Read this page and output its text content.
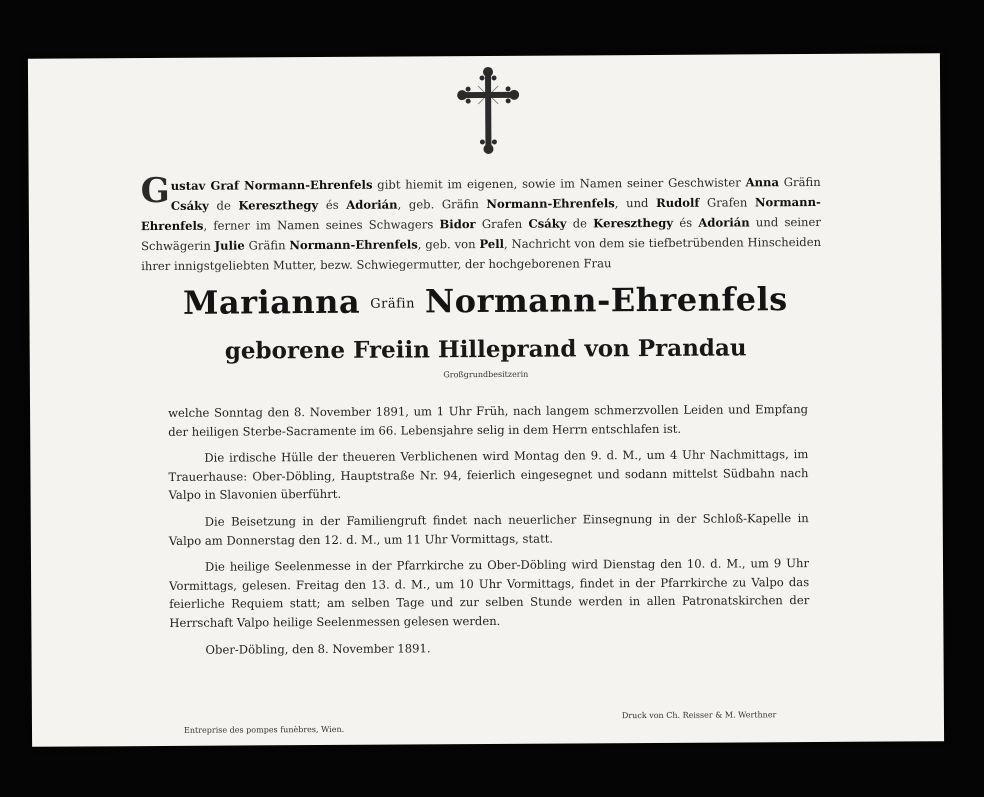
Gustav Graf Normann-Ehrenfels gibt hiemit im eigenen, sowie im Namen seiner Geschwister Anna Gräfin Csáky de Kereszthegy és Adorián, geb. Gräfin Normann-Ehrenfels, und Rudolf Grafen Normann-Ehrenfels, ferner im Namen seines Schwagers Bidor Grafen Csáky de Kereszthegy és Adorián und seiner Schwägerin Julie Gräfin Normann-Ehrenfels, geb. von Pell, Nachricht von dem sie tiefbetrübenden Hinscheiden ihrer innigstgeliebten Mutter, bezw. Schwiegermutter, der hochgeborenen Frau

Marianna Gräfin Normann-Ehrenfels
geborene Freiin Hilleprand von Prandau
Großgrundbesitzerin

welche Sonntag den 8. November 1891, um 1 Uhr Früh, nach langem schmerzvollen Leiden und Empfang der heiligen Sterbe-Sacramente im 66. Lebensjahre selig in dem Herrn entschlafen ist.

Die irdische Hülle der theueren Verblichenen wird Montag den 9. d. M., um 4 Uhr Nachmittags, im Trauerhause: Ober-Döbling, Hauptstraße Nr. 94, feierlich eingesegnet und sodann mittelst Südbahn nach Valpo in Slavonien überführt.

Die Beisetzung in der Familiengruft findet nach neuerlicher Einsegnung in der Schloß-Kapelle in Valpo am Donnerstag den 12. d. M., um 11 Uhr Vormittags, statt.

Die heilige Seelenmesse in der Pfarrkirche zu Ober-Döbling wird Dienstag den 10. d. M., um 9 Uhr Vormittags, gelesen. Freitag den 13. d. M., um 10 Uhr Vormittags, findet in der Pfarrkirche zu Valpo das feierliche Requiem statt; am selben Tage und zur selben Stunde werden in allen Patronatskirchen der Herrschaft Valpo heilige Seelenmessen gelesen werden.

Ober-Döbling, den 8. November 1891.

Entreprise des pompes funèbres, Wien.
Druck von Ch. Reisser & M. Werthner
